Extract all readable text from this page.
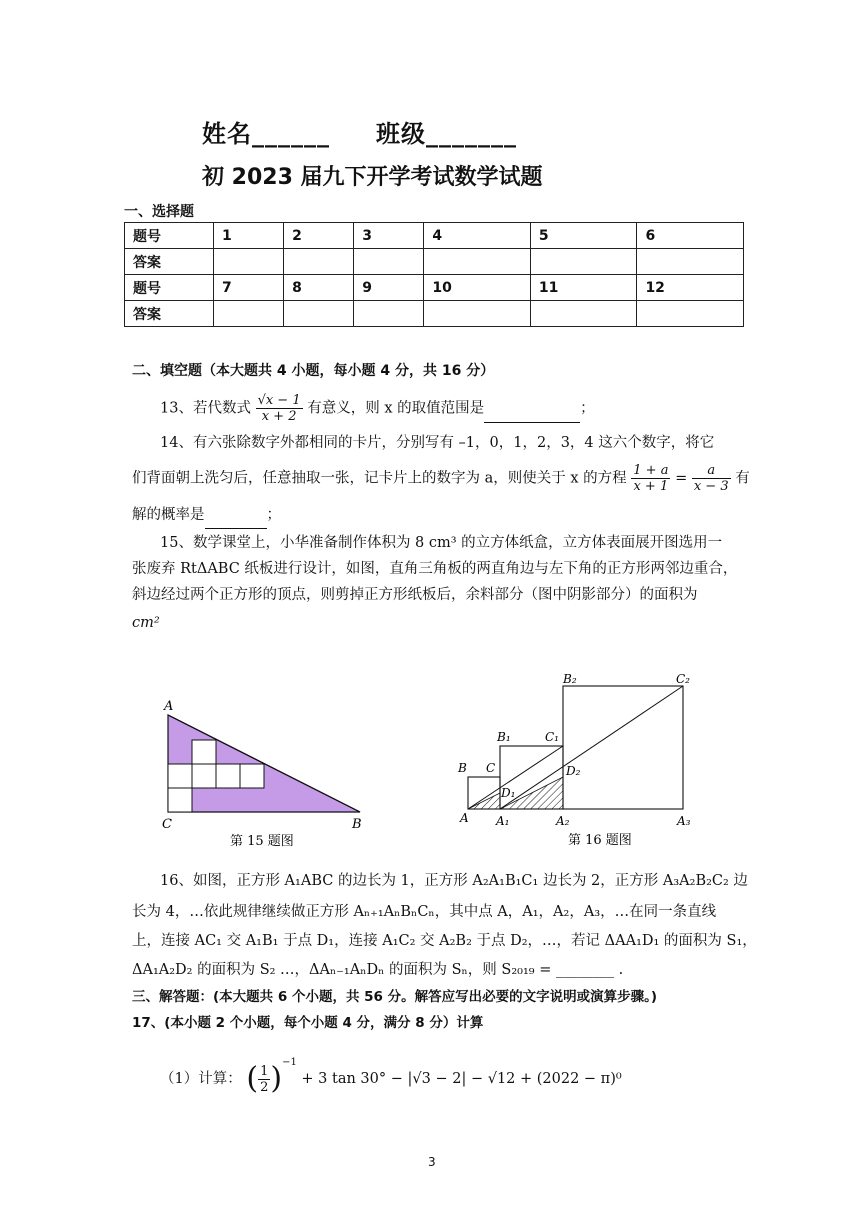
姓名______ 班级_______
初 2023 届九下开学考试数学试题
一、选择题
题号	1	2	3	4	5	6
答案						
题号	7	8	9	10	11	12
答案						
二、填空题（本大题共 4 小题，每小题 4 分，共 16 分）
13、若代数式 $\frac{√x - 1}{x + 2}$ 有意义，则 x 的取值范围是	；
14、有六张除数字外都相同的卡片，分别写有 –1，0，1，2，3，4 这六个数字，将它
们背面朝上洗匀后，任意抽取一张，记卡片上的数字为 a，则使关于 x 的方程 $\frac{1 + a}{x + 1} = \frac{a}{x - 3}$ 有
解的概率是	；
15、数学课堂上，小华准备制作体积为 8 cm³ 的立方体纸盒，立方体表面展开图选用一
张废弃 RtΔABC 纸板进行设计，如图，直角三角板的两直角边与左下角的正方形两邻边重合，
斜边经过两个正方形的顶点，则剪掉正方形纸板后，余料部分（图中阴影部分）的面积为
cm²
A
C	B
第 15 题图
B₂	C₂
B₁	C₁
D₂
B C
D₁
A A₁	A₂	A₃
第 16 题图
16、如图，正方形 A₁ABC 的边长为 1，正方形 A₂A₁B₁C₁ 边长为 2，正方形 A₃A₂B₂C₂ 边
长为 4，…依此规律继续做正方形 Aₙ₊₁AₙBₙCₙ，其中点 A，A₁，A₂，A₃，…在同一条直线
上，连接 AC₁ 交 A₁B₁ 于点 D₁，连接 A₁C₂ 交 A₂B₂ 于点 D₂，…，若记 ΔAA₁D₁ 的面积为 S₁，
ΔA₁A₂D₂ 的面积为 S₂ …，ΔAₙ₋₁AₙDₙ 的面积为 Sₙ，则 S₂₀₁₉ = ________ .
三、解答题：(本大题共 6 个小题，共 56 分。解答应写出必要的文字说明或演算步骤。)
17、(本小题 2 个小题，每个小题 4 分，满分 8 分）计算
（1）计算： ( $\frac{1}{2} )^{-1} + 3$ tan 30° − |√3 − 2| − √12 + (2022 − π)⁰
3
